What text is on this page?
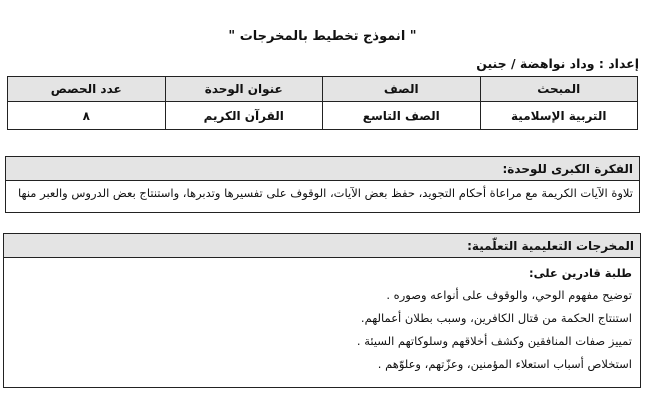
" انموذج تخطيط بالمخرجات "
إعداد : وداد نواهضة / جنين
المبحث	الصف	عنوان الوحدة	عدد الحصص
التربية الإسلامية	الصف التاسع	القرآن الكريم	٨
الفكرة الكبرى للوحدة:
تلاوة الآيات الكريمة مع مراعاة أحكام التجويد، حفظ بعض الآيات، الوقوف على تفسيرها وتدبرها، واستنتاج بعض الدروس والعبر منها
المخرجات التعليمية التعلّمية:
طلبة قادرين على:
توضيح مفهوم الوحي، والوقوف على أنواعه وصوره .
استنتاج الحكمة من قتال الكافرين، وسبب بطلان أعمالهم.
تمييز صفات المنافقين وكشف أخلاقهم وسلوكاتهم السيئة .
استخلاص أسباب استعلاء المؤمنين، وعزّتهم، وعلوّهم .
